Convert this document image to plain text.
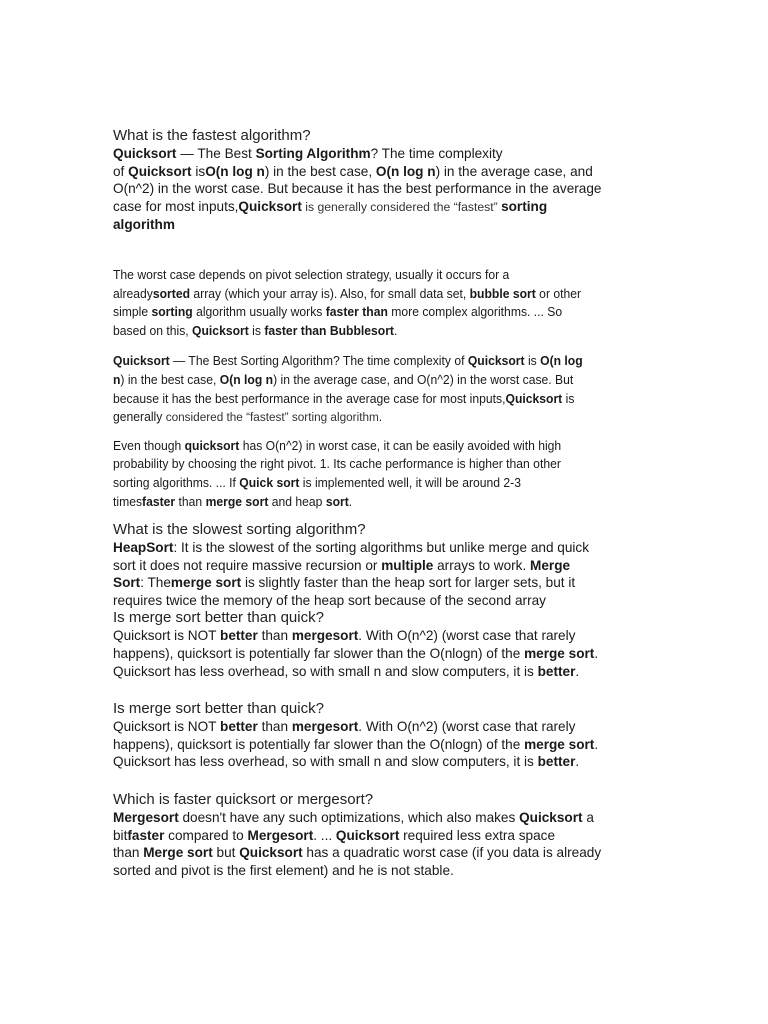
What is the fastest algorithm?

Quicksort — The Best Sorting Algorithm? The time complexity
of Quicksort isO(n log n) in the best case, O(n log n) in the average case, and
O(n^2) in the worst case. But because it has the best performance in the average
case for most inputs,Quicksort is generally considered the “fastest” sorting
algorithm

The worst case depends on pivot selection strategy, usually it occurs for a
alreadysorted array (which your array is). Also, for small data set, bubble sort or other
simple sorting algorithm usually works faster than more complex algorithms. ... So
based on this, Quicksort is faster than Bubblesort.

Quicksort — The Best Sorting Algorithm? The time complexity of Quicksort is O(n log
n) in the best case, O(n log n) in the average case, and O(n^2) in the worst case. But
because it has the best performance in the average case for most inputs,Quicksort is
generally considered the “fastest” sorting algorithm.

Even though quicksort has O(n^2) in worst case, it can be easily avoided with high
probability by choosing the right pivot. 1. Its cache performance is higher than other
sorting algorithms. ... If Quick sort is implemented well, it will be around 2-3
timesfaster than merge sort and heap sort.

What is the slowest sorting algorithm?

HeapSort: It is the slowest of the sorting algorithms but unlike merge and quick
sort it does not require massive recursion or multiple arrays to work. Merge
Sort: Themerge sort is slightly faster than the heap sort for larger sets, but it
requires twice the memory of the heap sort because of the second array

Is merge sort better than quick?

Quicksort is NOT better than mergesort. With O(n^2) (worst case that rarely
happens), quicksort is potentially far slower than the O(nlogn) of the merge sort.
Quicksort has less overhead, so with small n and slow computers, it is better.

Is merge sort better than quick?

Quicksort is NOT better than mergesort. With O(n^2) (worst case that rarely
happens), quicksort is potentially far slower than the O(nlogn) of the merge sort.
Quicksort has less overhead, so with small n and slow computers, it is better.

Which is faster quicksort or mergesort?

Mergesort doesn't have any such optimizations, which also makes Quicksort a
bitfaster compared to Mergesort. ... Quicksort required less extra space
than Merge sort but Quicksort has a quadratic worst case (if you data is already
sorted and pivot is the first element) and he is not stable.
